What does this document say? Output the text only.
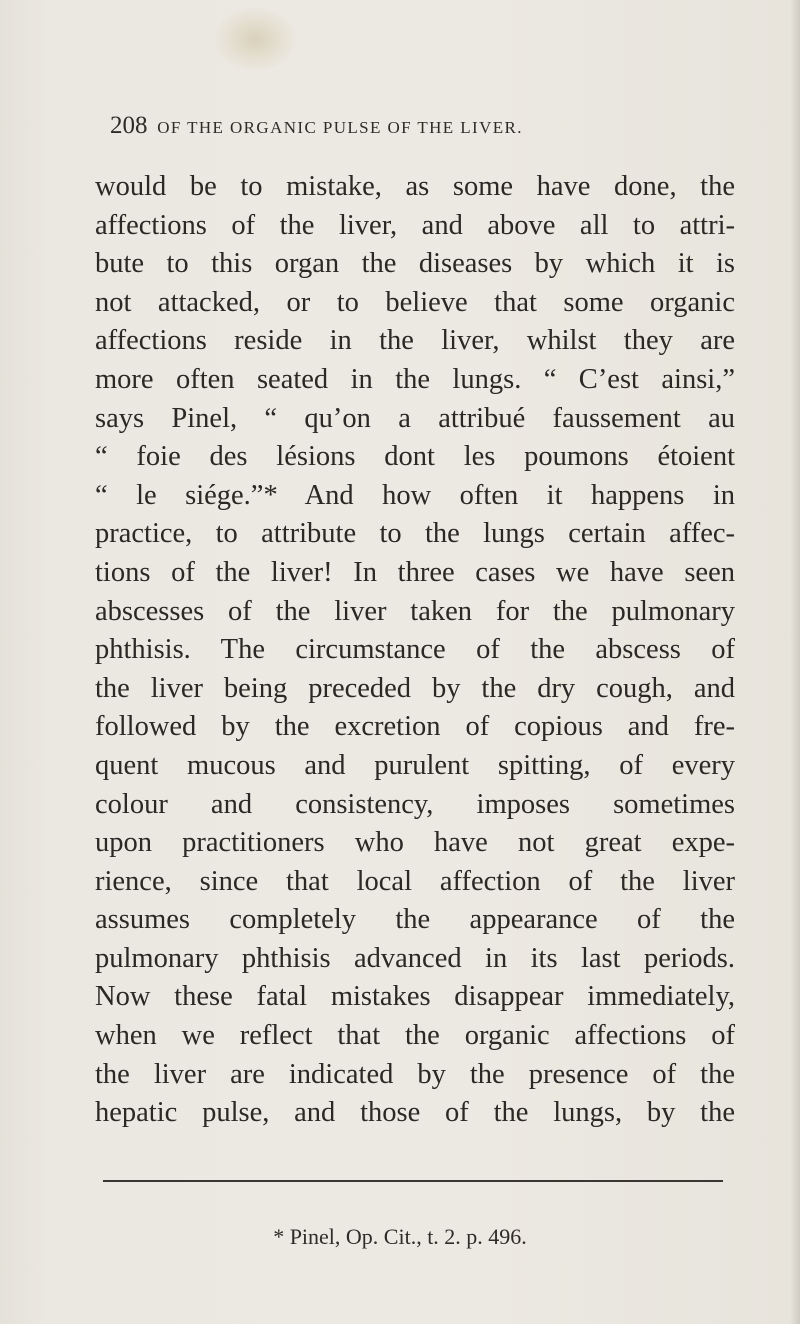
208 OF THE ORGANIC PULSE OF THE LIVER.
would be to mistake, as some have done, the
affections of the liver, and above all to attri-
bute to this organ the diseases by which it is
not attacked, or to believe that some organic
affections reside in the liver, whilst they are
more often seated in the lungs. “ C’est ainsi,”
says Pinel, “ qu’on a attribué faussement au
“ foie des lésions dont les poumons étoient
“ le siége.”* And how often it happens in
practice, to attribute to the lungs certain affec-
tions of the liver! In three cases we have seen
abscesses of the liver taken for the pulmonary
phthisis. The circumstance of the abscess of
the liver being preceded by the dry cough, and
followed by the excretion of copious and fre-
quent mucous and purulent spitting, of every
colour and consistency, imposes sometimes
upon practitioners who have not great expe-
rience, since that local affection of the liver
assumes completely the appearance of the
pulmonary phthisis advanced in its last periods.
Now these fatal mistakes disappear immediately,
when we reflect that the organic affections of
the liver are indicated by the presence of the
hepatic pulse, and those of the lungs, by the
* Pinel, Op. Cit., t. 2. p. 496.
